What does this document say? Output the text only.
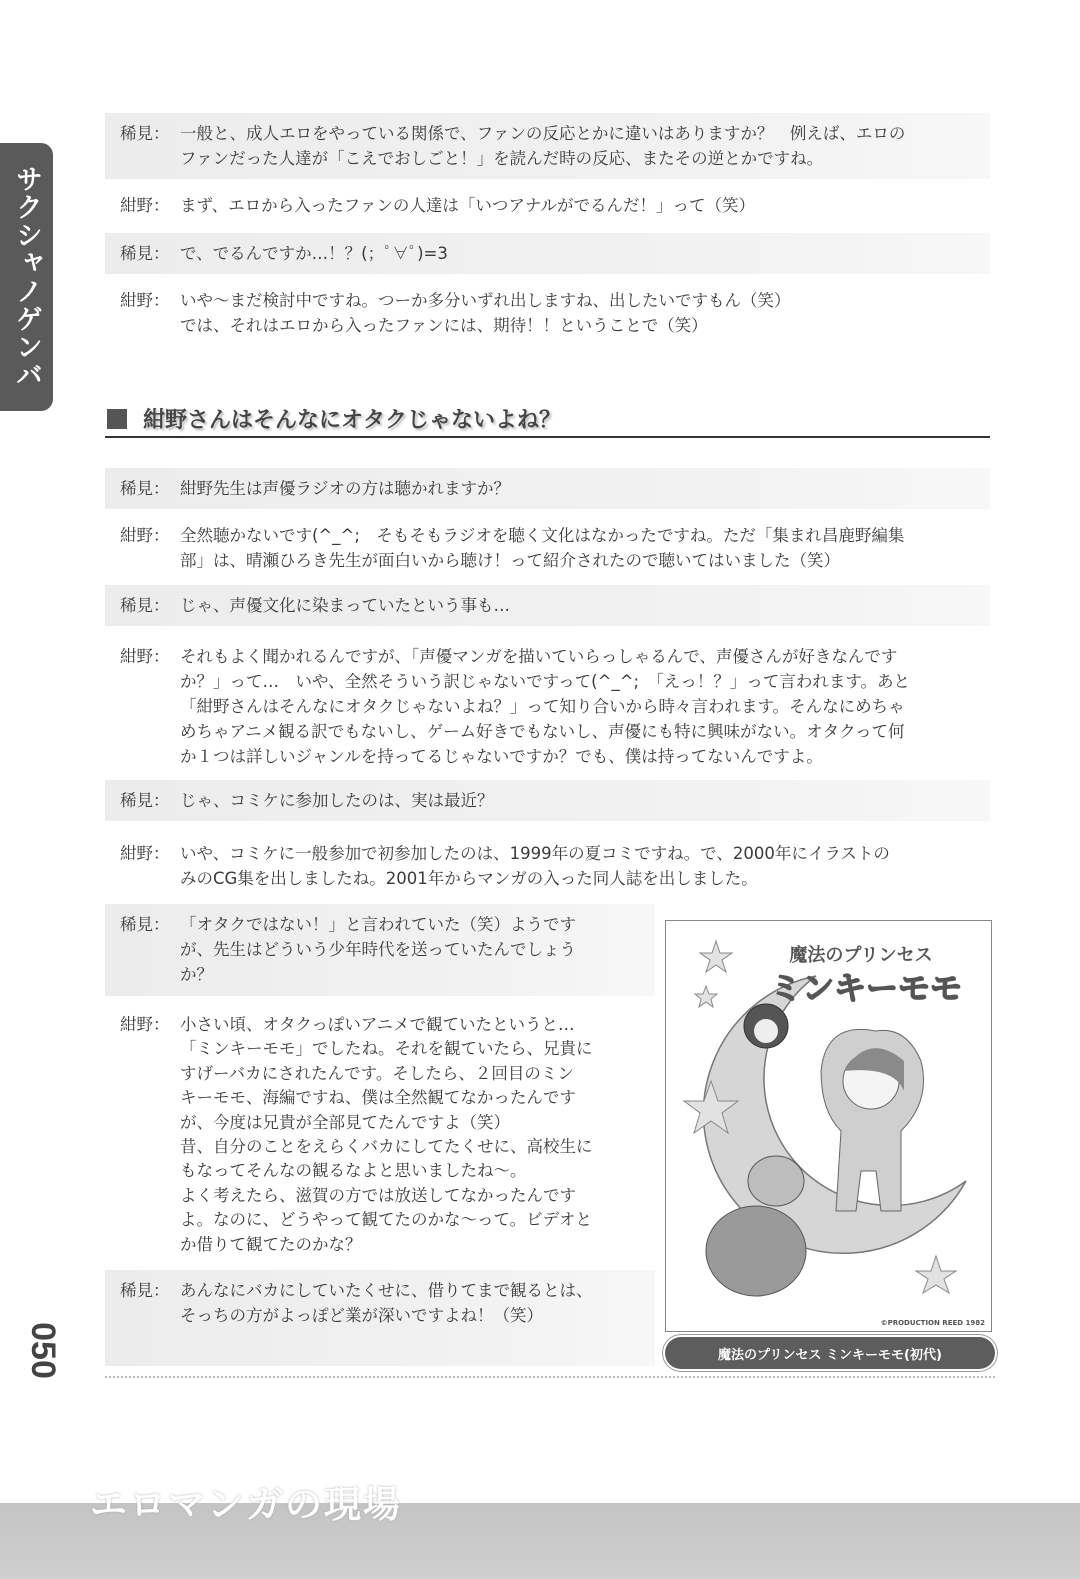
サクシャノゲンバ
稀見： 一般と、成人エロをやっている関係で、ファンの反応とかに違いはありますか？　例えば、エロの
ファンだった人達が「こえでおしごと！」を読んだ時の反応、またその逆とかですね。
紺野： まず、エロから入ったファンの人達は「いつアナルがでるんだ！」って（笑）
稀見： で、でるんですか…！？(；ﾟ∀ﾟ)=3
紺野： いや～まだ検討中ですね。つーか多分いずれ出しますね、出したいですもん（笑）
では、それはエロから入ったファンには、期待！！ということで（笑）
紺野さんはそんなにオタクじゃないよね？
稀見： 紺野先生は声優ラジオの方は聴かれますか？
紺野： 全然聴かないです(^_^;　そもそもラジオを聴く文化はなかったですね。ただ「集まれ昌鹿野編集
部」は、晴瀬ひろき先生が面白いから聴け！って紹介されたので聴いてはいました（笑）
稀見： じゃ、声優文化に染まっていたという事も…
紺野： それもよく聞かれるんですが、「声優マンガを描いていらっしゃるんで、声優さんが好きなんです
か？」って…　いや、全然そういう訳じゃないですって(^_^;　「えっ！？」って言われます。あと
「紺野さんはそんなにオタクじゃないよね？」って知り合いから時々言われます。そんなにめちゃ
めちゃアニメ観る訳でもないし、ゲーム好きでもないし、声優にも特に興味がない。オタクって何
か１つは詳しいジャンルを持ってるじゃないですか？でも、僕は持ってないんですよ。
稀見： じゃ、コミケに参加したのは、実は最近？
紺野： いや、コミケに一般参加で初参加したのは、1999年の夏コミですね。で、2000年にイラストの
みのCG集を出しましたね。2001年からマンガの入った同人誌を出しました。
稀見： 「オタクではない！」と言われていた（笑）ようです
が、先生はどういう少年時代を送っていたんでしょう
か？
紺野： 小さい頃、オタクっぽいアニメで観ていたというと…
「ミンキーモモ」でしたね。それを観ていたら、兄貴に
すげーバカにされたんです。そしたら、２回目のミン
キーモモ、海編ですね、僕は全然観てなかったんです
が、今度は兄貴が全部見てたんですよ（笑）
昔、自分のことをえらくバカにしてたくせに、高校生に
もなってそんなの観るなよと思いましたね～。
よく考えたら、滋賀の方では放送してなかったんです
よ。なのに、どうやって観てたのかな～って。ビデオと
か借りて観てたのかな？
稀見： あんなにバカにしていたくせに、借りてまで観るとは、
そっちの方がよっぽど業が深いですよね！（笑）
魔法のプリンセス
ミンキーモモ
©PRODUCTION REED 1982
魔法のプリンセス ミンキーモモ(初代)
050
エロマンガの現場
